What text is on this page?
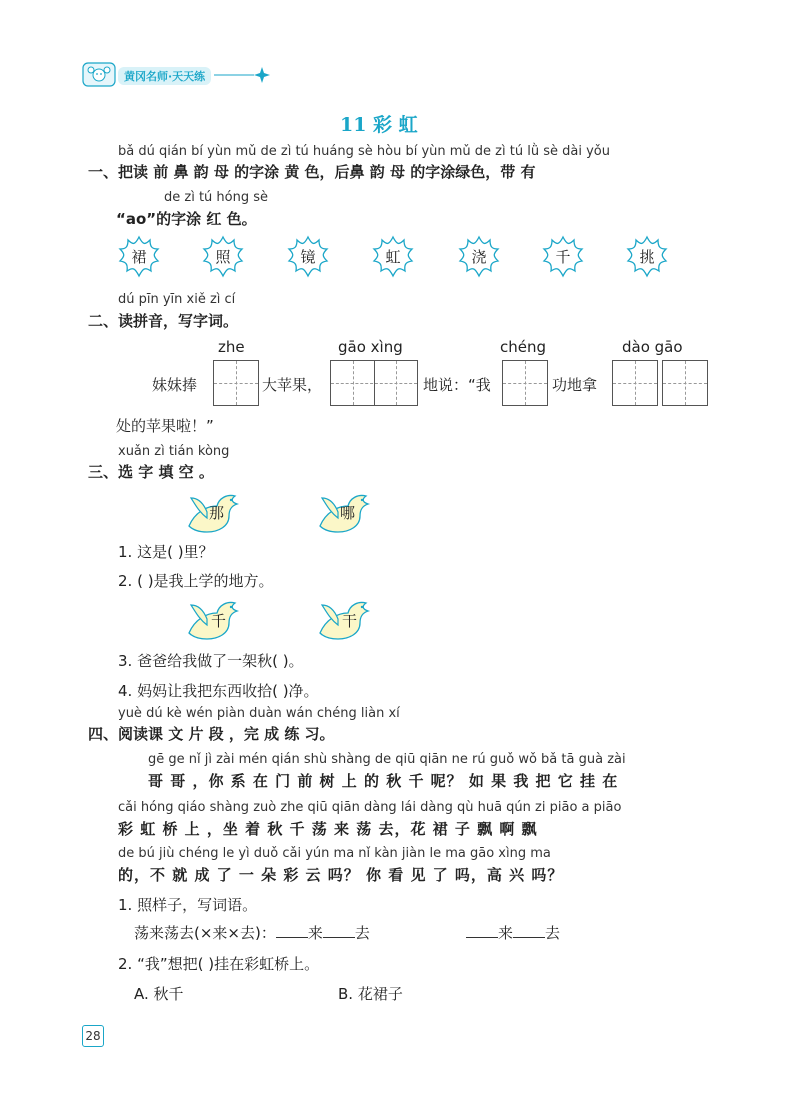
黄冈名师·天天练
11 彩 虹
bǎ dú qián bí yùn mǔ de zì tú huáng sè hòu bí yùn mǔ de zì tú lǜ sè dài yǒu
一、把读 前 鼻 韵 母 的字涂 黄 色，后鼻 韵 母 的字涂绿色，带 有
de zì tú hóng sè
“ao”的字涂 红 色。
裙	照	镜	虹	浇	千	挑
dú pīn yīn xiě zì cí
二、读拼音，写字词。
zhe	gāo xìng	chéng	dào gāo
妹妹捧	大苹果，	地说：“我	功地拿
处的苹果啦！”
xuǎn zì tián kòng
三、选 字 填 空 。
那	哪
1. 这是( )里？
2. ( )是我上学的地方。
千	干
3. 爸爸给我做了一架秋( )。
4. 妈妈让我把东西收拾( )净。
yuè dú kè wén piàn duàn wán chéng liàn xí
四、阅读课 文 片 段 ，完 成 练 习。
gē ge nǐ jì zài mén qián shù shàng de qiū qiān ne rú guǒ wǒ bǎ tā guà zài
哥 哥 ，你 系 在 门 前 树 上 的 秋 千 呢？ 如 果 我 把 它 挂 在
cǎi hóng qiáo shàng zuò zhe qiū qiān dàng lái dàng qù huā qún zi piāo a piāo
彩 虹 桥 上 ，坐 着 秋 千 荡 来 荡 去，花 裙 子 飘 啊 飘
de bú jiù chéng le yì duǒ cǎi yún ma nǐ kàn jiàn le ma gāo xìng ma
的，不 就 成 了 一 朵 彩 云 吗？ 你 看 见 了 吗，高 兴 吗？
1. 照样子，写词语。
荡来荡去(×来×去)： 来 去	来 去
2. “我”想把( )挂在彩虹桥上。
A. 秋千	B. 花裙子
28
